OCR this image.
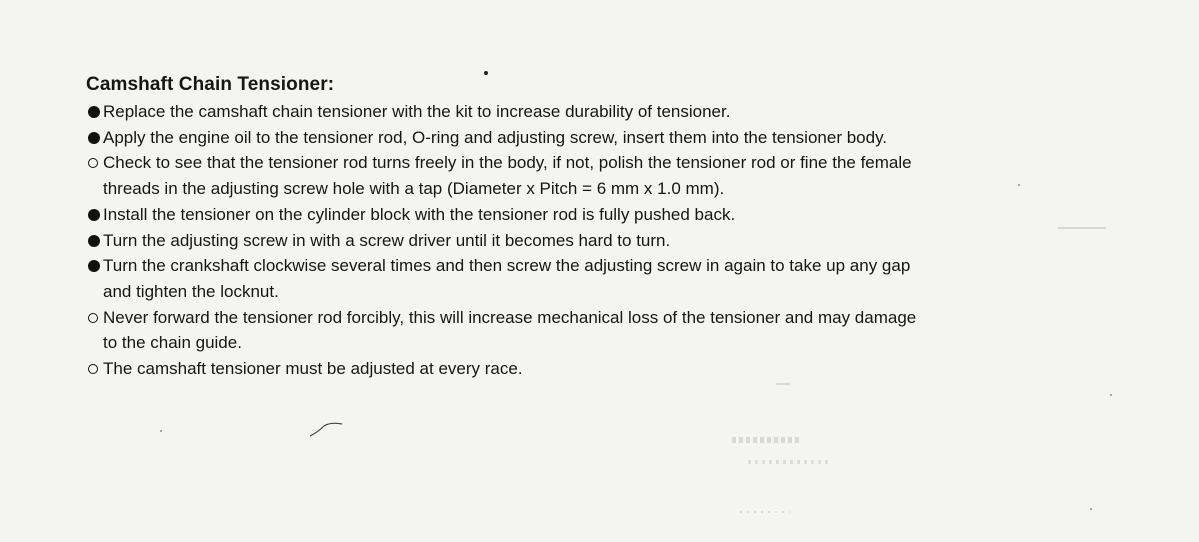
Camshaft Chain Tensioner:
Replace the camshaft chain tensioner with the kit to increase durability of tensioner.
Apply the engine oil to the tensioner rod, O-ring and adjusting screw, insert them into the tensioner body.
Check to see that the tensioner rod turns freely in the body, if not, polish the tensioner rod or fine the female
threads in the adjusting screw hole with a tap (Diameter x Pitch = 6 mm x 1.0 mm).
Install the tensioner on the cylinder block with the tensioner rod is fully pushed back.
Turn the adjusting screw in with a screw driver until it becomes hard to turn.
Turn the crankshaft clockwise several times and then screw the adjusting screw in again to take up any gap
and tighten the locknut.
Never forward the tensioner rod forcibly, this will increase mechanical loss of the tensioner and may damage
to the chain guide.
The camshaft tensioner must be adjusted at every race.
